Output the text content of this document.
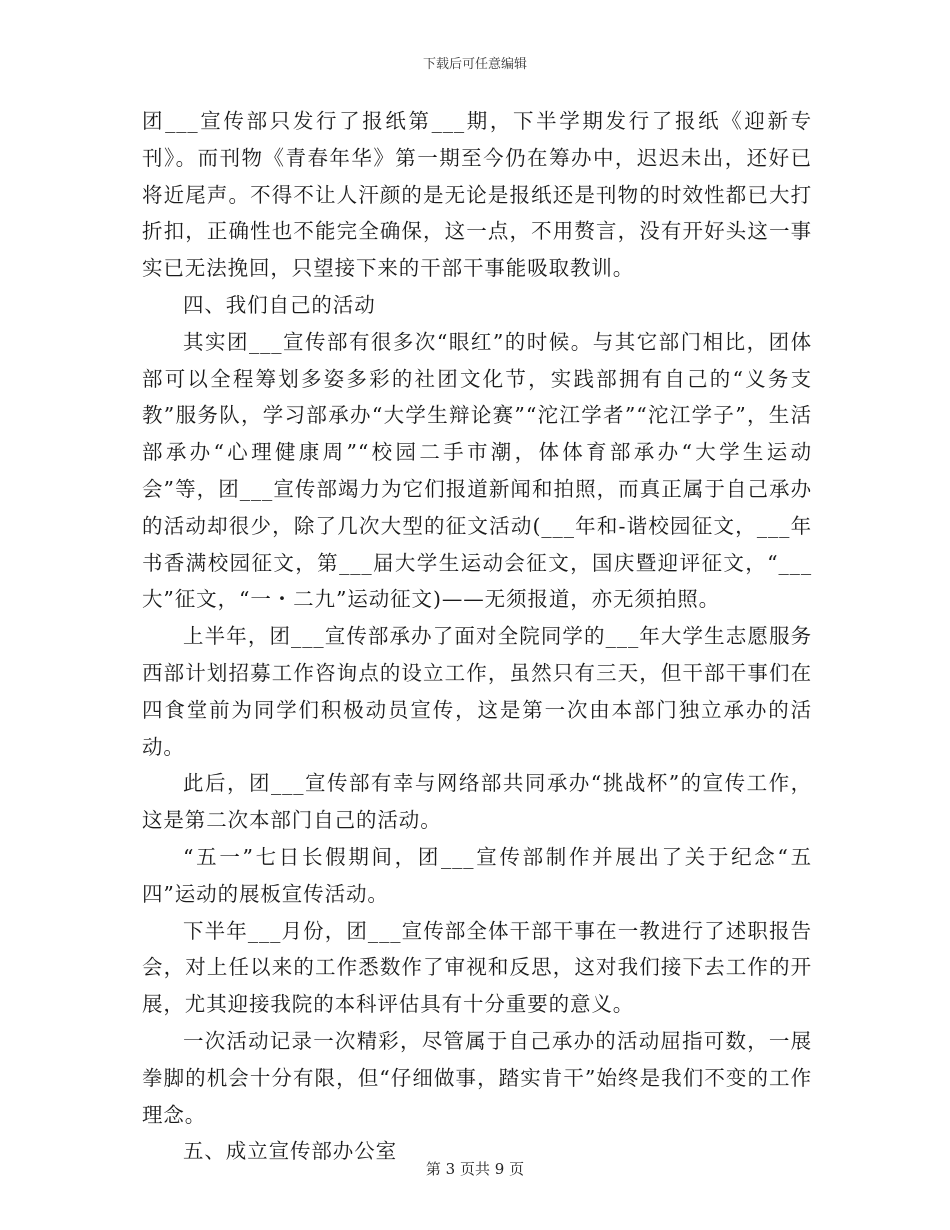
下载后可任意编辑

团___宣传部只发行了报纸第___期，下半学期发行了报纸《迎新专刊》。而刊物《青春年华》第一期至今仍在筹办中，迟迟未出，还好已将近尾声。不得不让人汗颜的是无论是报纸还是刊物的时效性都已大打折扣，正确性也不能完全确保，这一点，不用赘言，没有开好头这一事实已无法挽回，只望接下来的干部干事能吸取教训。

四、我们自己的活动

其实团___宣传部有很多次“眼红”的时候。与其它部门相比，团体部可以全程筹划多姿多彩的社团文化节，实践部拥有自己的“义务支教”服务队，学习部承办“大学生辩论赛”“沱江学者”“沱江学子”，生活部承办“心理健康周”“校园二手市潮，体体育部承办“大学生运动会”等，团___宣传部竭力为它们报道新闻和拍照，而真正属于自己承办的活动却很少，除了几次大型的征文活动(___年和-谐校园征文，___年书香满校园征文，第___届大学生运动会征文，国庆暨迎评征文，“___大”征文，“一・二九”运动征文)——无须报道，亦无须拍照。

上半年，团___宣传部承办了面对全院同学的___年大学生志愿服务西部计划招募工作咨询点的设立工作，虽然只有三天，但干部干事们在四食堂前为同学们积极动员宣传，这是第一次由本部门独立承办的活动。

此后，团___宣传部有幸与网络部共同承办“挑战杯”的宣传工作，这是第二次本部门自己的活动。

“五一”七日长假期间，团___宣传部制作并展出了关于纪念“五四”运动的展板宣传活动。

下半年___月份，团___宣传部全体干部干事在一教进行了述职报告会，对上任以来的工作悉数作了审视和反思，这对我们接下去工作的开展，尤其迎接我院的本科评估具有十分重要的意义。

一次活动记录一次精彩，尽管属于自己承办的活动屈指可数，一展拳脚的机会十分有限，但“仔细做事，踏实肯干”始终是我们不变的工作理念。

五、成立宣传部办公室

第 3 页共 9 页
